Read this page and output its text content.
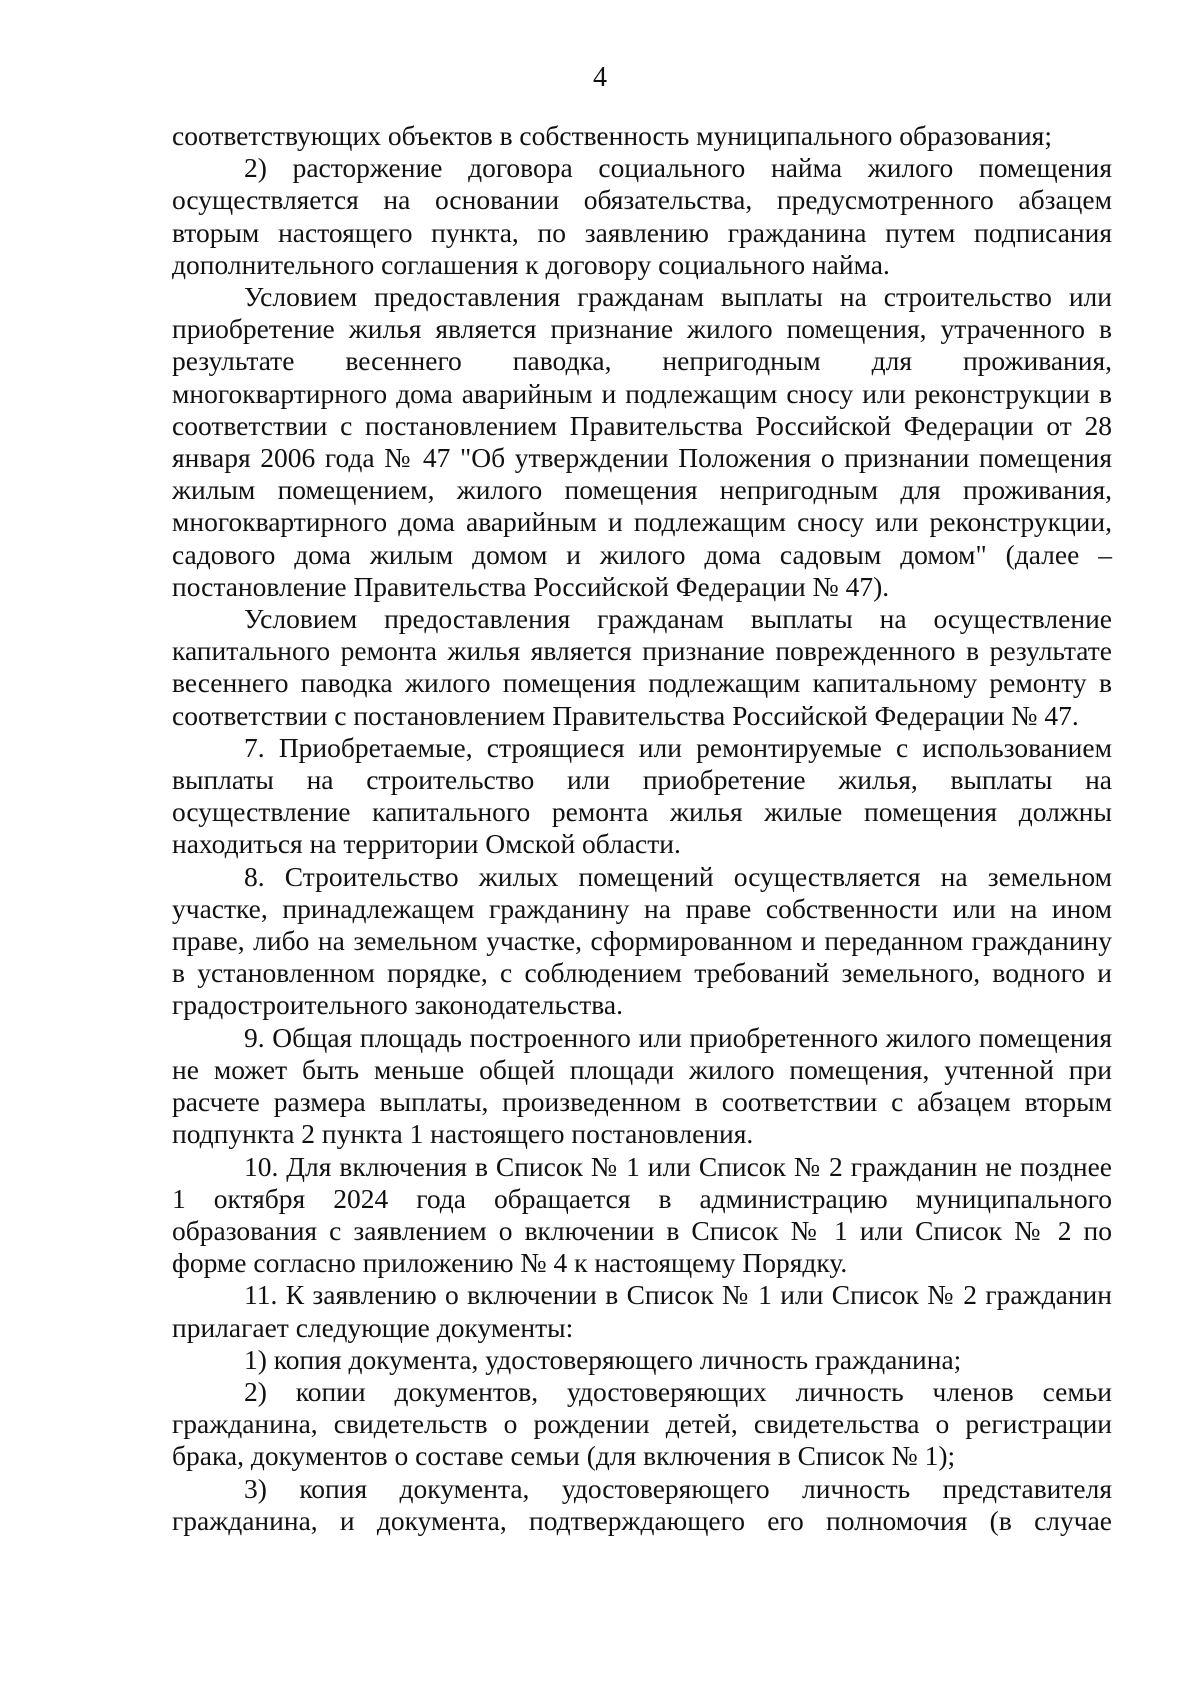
4

соответствующих объектов в собственность муниципального образования;

2) расторжение договора социального найма жилого помещения осуществляется на основании обязательства, предусмотренного абзацем вторым настоящего пункта, по заявлению гражданина путем подписания дополнительного соглашения к договору социального найма.

Условием предоставления гражданам выплаты на строительство или приобретение жилья является признание жилого помещения, утраченного в результате весеннего паводка, непригодным для проживания, многоквартирного дома аварийным и подлежащим сносу или реконструкции в соответствии с постановлением Правительства Российской Федерации от 28 января 2006 года № 47 "Об утверждении Положения о признании помещения жилым помещением, жилого помещения непригодным для проживания, многоквартирного дома аварийным и подлежащим сносу или реконструкции, садового дома жилым домом и жилого дома садовым домом" (далее – постановление Правительства Российской Федерации № 47).

Условием предоставления гражданам выплаты на осуществление капитального ремонта жилья является признание поврежденного в результате весеннего паводка жилого помещения подлежащим капитальному ремонту в соответствии с постановлением Правительства Российской Федерации № 47.

7. Приобретаемые, строящиеся или ремонтируемые с использованием выплаты на строительство или приобретение жилья, выплаты на осуществление капитального ремонта жилья жилые помещения должны находиться на территории Омской области.

8. Строительство жилых помещений осуществляется на земельном участке, принадлежащем гражданину на праве собственности или на ином праве, либо на земельном участке, сформированном и переданном гражданину в установленном порядке, с соблюдением требований земельного, водного и градостроительного законодательства.

9. Общая площадь построенного или приобретенного жилого помещения не может быть меньше общей площади жилого помещения, учтенной при расчете размера выплаты, произведенном в соответствии с абзацем вторым подпункта 2 пункта 1 настоящего постановления.

10. Для включения в Список № 1 или Список № 2 гражданин не позднее 1 октября 2024 года обращается в администрацию муниципального образования с заявлением о включении в Список № 1 или Список № 2 по форме согласно приложению № 4 к настоящему Порядку.

11. К заявлению о включении в Список № 1 или Список № 2 гражданин прилагает следующие документы:

1) копия документа, удостоверяющего личность гражданина;

2) копии документов, удостоверяющих личность членов семьи гражданина, свидетельств о рождении детей, свидетельства о регистрации брака, документов о составе семьи (для включения в Список № 1);

3) копия документа, удостоверяющего личность представителя гражданина, и документа, подтверждающего его полномочия (в случае
